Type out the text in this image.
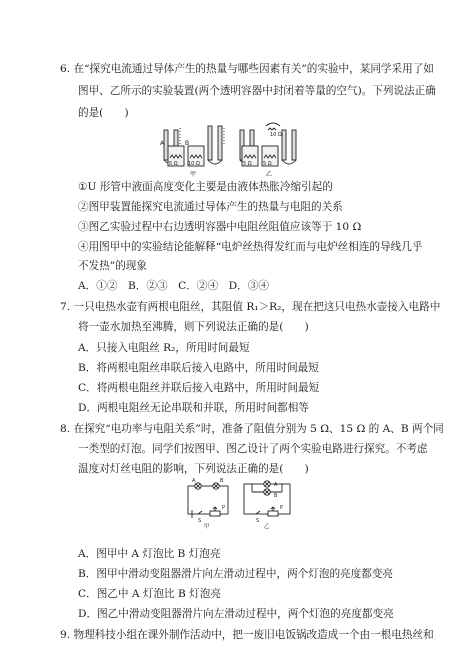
6. 在“探究电流通过导体产生的热量与哪些因素有关”的实验中，某同学采用了如
图甲、乙所示的实验装置(两个透明容器中封闭着等量的空气)。下列说法正确
的是(　　)
A	B
5 Ω 10 Ω
甲
5 Ω 5 Ω
10 Ω
乙
①U 形管中液面高度变化主要是由液体热胀冷缩引起的
②图甲装置能探究电流通过导体产生的热量与电阻的关系
③图乙实验过程中右边透明容器中电阻丝阻值应该等于 10 Ω
④用图甲中的实验结论能解释“电炉丝热得发红而与电炉丝相连的导线几乎
不发热”的现象
A．①②　B．②③　C．②④　D．③④
7. 一只电热水壶有两根电阻丝，其阻值 R₁＞R₂，现在把这只电热水壶接入电路中
将一壶水加热至沸腾，则下列说法正确的是(　　)
A．只接入电阻丝 R₂，所用时间最短
B．将两根电阻丝串联后接入电路中，所用时间最短
C．将两根电阻丝并联后接入电路中，所用时间最短
D．两根电阻丝无论串联和并联，所用时间都相等
8. 在探究“电功率与电阻关系”时，准备了阻值分别为 5 Ω、15 Ω 的 A、B 两个同
一类型的灯泡。同学们按图甲、图乙设计了两个实验电路进行探究。不考虑
温度对灯丝电阻的影响，下列说法正确的是(　　)
A	B
S
P
甲
A
B
S
P
乙
A．图甲中 A 灯泡比 B 灯泡亮
B．图甲中滑动变阻器滑片向左滑动过程中，两个灯泡的亮度都变亮
C．图乙中 A 灯泡比 B 灯泡亮
D．图乙中滑动变阻器滑片向左滑动过程中，两个灯泡的亮度都变亮
9. 物理科技小组在课外制作活动中，把一废旧电饭锅改造成一个由一根电热丝和
